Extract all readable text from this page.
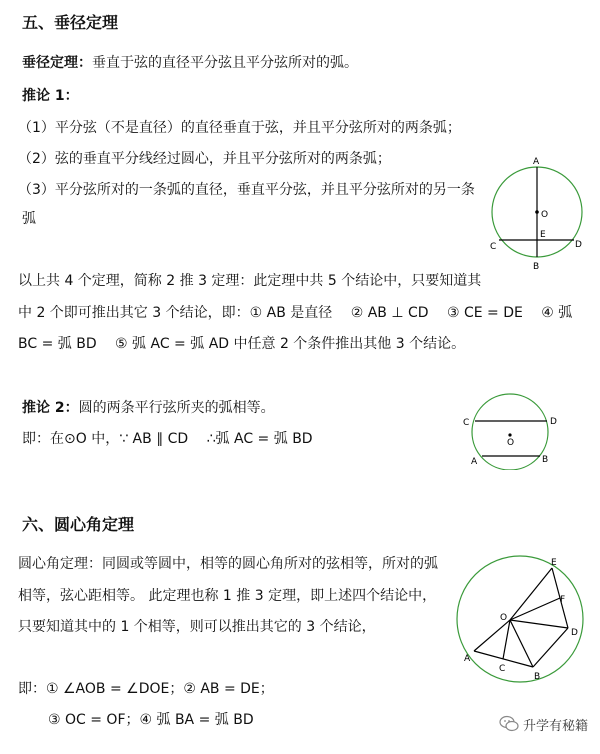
五、垂径定理
垂径定理：垂直于弦的直径平分弦且平分弦所对的弧。
推论 1：
（1）平分弦（不是直径）的直径垂直于弦，并且平分弦所对的两条弧；
（2）弦的垂直平分线经过圆心，并且平分弦所对的两条弧；
（3）平分弦所对的一条弧的直径，垂直平分弦，并且平分弦所对的另一条
弧
以上共 4 个定理，简称 2 推 3 定理：此定理中共 5 个结论中，只要知道其
中 2 个即可推出其它 3 个结论，即：① AB 是直径　 ② AB ⊥ CD　 ③ CE = DE　 ④ 弧
BC = 弧 BD　 ⑤ 弧 AC = 弧 AD 中任意 2 个条件推出其他 3 个结论。
推论 2：圆的两条平行弦所夹的弧相等。
即：在⊙O 中，∵ AB ∥ CD　 ∴弧 AC = 弧 BD
A
O
E
C	D
B
C	D
O
A	B
六、圆心角定理
圆心角定理：同圆或等圆中，相等的圆心角所对的弦相等，所对的弧
相等，弦心距相等。 此定理也称 1 推 3 定理，即上述四个结论中，
只要知道其中的 1 个相等，则可以推出其它的 3 个结论，
即：① ∠AOB = ∠DOE；② AB = DE；
③ OC = OF；④ 弧 BA = 弧 BD
E
F
O
D
A
C
B
升学有秘籍
